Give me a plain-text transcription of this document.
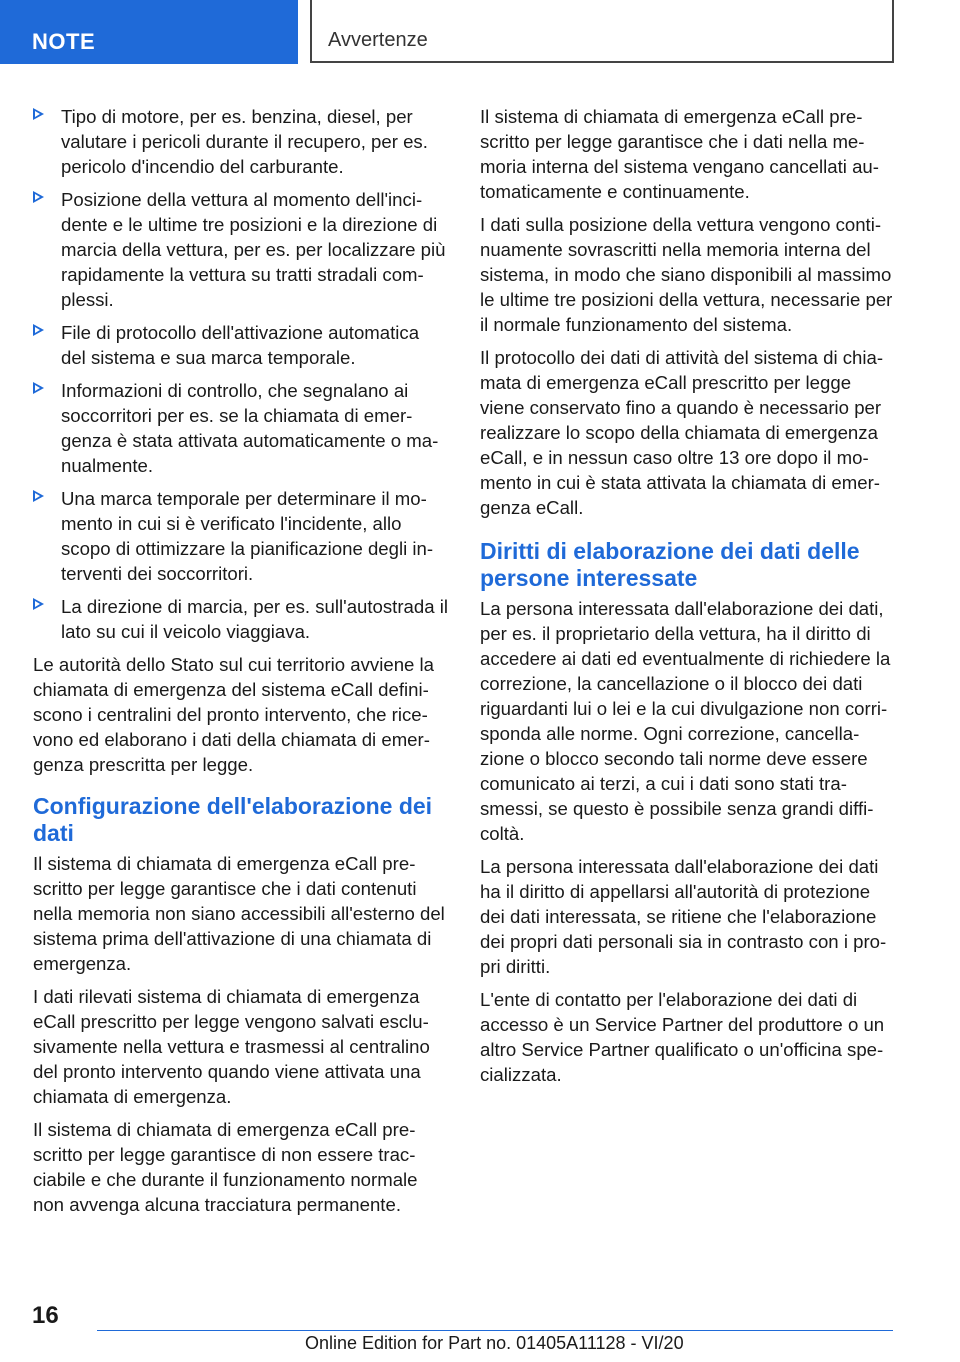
NOTE	Avvertenze
Tipo di motore, per es. benzina, diesel, per valutare i pericoli durante il recupero, per es. pericolo d'incendio del carburante.
Posizione della vettura al momento dell'incidente e le ultime tre posizioni e la direzione di marcia della vettura, per es. per localizzare più rapidamente la vettura su tratti stradali complessi.
File di protocollo dell'attivazione automatica del sistema e sua marca temporale.
Informazioni di controllo, che segnalano ai soccorritori per es. se la chiamata di emergenza è stata attivata automaticamente o manualmente.
Una marca temporale per determinare il momento in cui si è verificato l'incidente, allo scopo di ottimizzare la pianificazione degli interventi dei soccorritori.
La direzione di marcia, per es. sull'autostrada il lato su cui il veicolo viaggiava.

Le autorità dello Stato sul cui territorio avviene la chiamata di emergenza del sistema eCall definiscono i centralini del pronto intervento, che ricevono ed elaborano i dati della chiamata di emergenza prescritta per legge.

Configurazione dell'elaborazione dei dati

Il sistema di chiamata di emergenza eCall prescritto per legge garantisce che i dati contenuti nella memoria non siano accessibili all'esterno del sistema prima dell'attivazione di una chiamata di emergenza.

I dati rilevati sistema di chiamata di emergenza eCall prescritto per legge vengono salvati esclusivamente nella vettura e trasmessi al centralino del pronto intervento quando viene attivata una chiamata di emergenza.

Il sistema di chiamata di emergenza eCall prescritto per legge garantisce di non essere tracciabile e che durante il funzionamento normale non avvenga alcuna tracciatura permanente.

Il sistema di chiamata di emergenza eCall prescritto per legge garantisce che i dati nella memoria interna del sistema vengano cancellati automaticamente e continuamente.

I dati sulla posizione della vettura vengono continuamente sovrascritti nella memoria interna del sistema, in modo che siano disponibili al massimo le ultime tre posizioni della vettura, necessarie per il normale funzionamento del sistema.

Il protocollo dei dati di attività del sistema di chiamata di emergenza eCall prescritto per legge viene conservato fino a quando è necessario per realizzare lo scopo della chiamata di emergenza eCall, e in nessun caso oltre 13 ore dopo il momento in cui è stata attivata la chiamata di emergenza eCall.

Diritti di elaborazione dei dati delle persone interessate

La persona interessata dall'elaborazione dei dati, per es. il proprietario della vettura, ha il diritto di accedere ai dati ed eventualmente di richiedere la correzione, la cancellazione o il blocco dei dati riguardanti lui o lei e la cui divulgazione non corrisponda alle norme. Ogni correzione, cancellazione o blocco secondo tali norme deve essere comunicato ai terzi, a cui i dati sono stati trasmessi, se questo è possibile senza grandi difficoltà.

La persona interessata dall'elaborazione dei dati ha il diritto di appellarsi all'autorità di protezione dei dati interessata, se ritiene che l'elaborazione dei propri dati personali sia in contrasto con i propri diritti.

L'ente di contatto per l'elaborazione dei dati di accesso è un Service Partner del produttore o un altro Service Partner qualificato o un'officina specializzata.

16
Online Edition for Part no. 01405A11128 - VI/20
